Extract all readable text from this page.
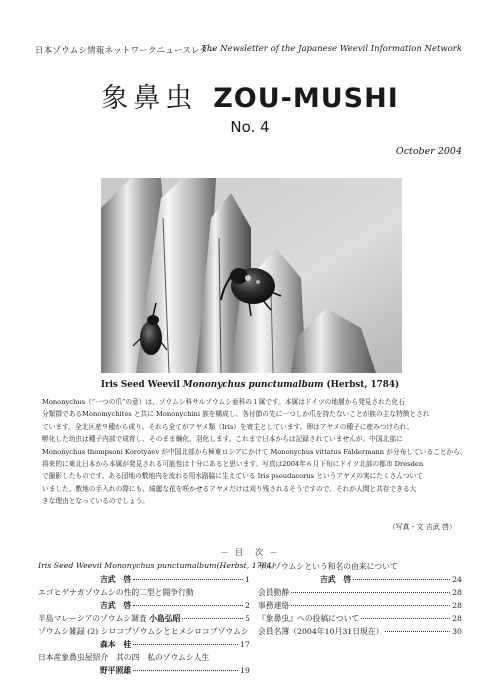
日本ゾウムシ情報ネットワークニュースレター
The Newsletter of the Japanese Weevil Information Network
象鼻虫 ZOU-MUSHI
No. 4
October 2004
Iris Seed Weevil Mononychus punctumalbum (Herbst, 1784)
Mononychus（“一つの爪”の意）は、ゾウムシ科サルゾウムシ亜科の１属です。本属はドイツの地層から発見された化石
分類群であるMonomychites と共に Mononychini 族を構成し、各付節の先に一つしか爪を持たないことが族の主な特徴とされ
ています。全北区産９種から成り、それら全てがアヤメ類（Iris）を寄主としています。卵はアヤメの種子に産みつけられ、
孵化した幼虫は種子内部で成育し、そのまま蛹化、羽化します。これまで日本からは記録されていませんが、中国北部に
Mononychus thompsoni Korotyaev が中国北部から極東ロシアにかけて Mononychus vittatus Faldermann が分布していることから、
将来的に東北日本から本属が発見される可能性は十分にあると思います。写真は2004年６月下旬にドイツ北部の都市 Dresden
で撮影したものです。ある団地の敷地内を流れる用水路脇に生えている Iris pseudacorus というアヤメの実にたくさんついて
いました。敷地の手入れの際にも、綺麗な花を咲かせるアヤメだけは刈り残されるそうですので、それが人間と共存できる大
きな理由となっているのでしょう。
（写真・文 吉武 啓）
－ 目　次 －
Iris Seed Weevil Mononychus punctumalbum(Herbst, 1784)
吉武　啓	1
エゴヒゲナガゾウムシの性的二型と闘争行動
吉武　啓	2
半島マレーシアのゾウムシ調査
小島弘昭	5
ゾウムシ雑録 (2) シロコブゾウムシとヒメシロコブゾウムシ
森本　桂	17
日本産象鼻虫屋紹介　其の四　私のゾウムシ人生
野平照雄	19
サルゾウムシという和名の由来について
吉武　啓	24
会員動静	28
事務連絡	28
『象鼻虫』への投稿について	28
会員名簿（2004年10月31日現在）	30
